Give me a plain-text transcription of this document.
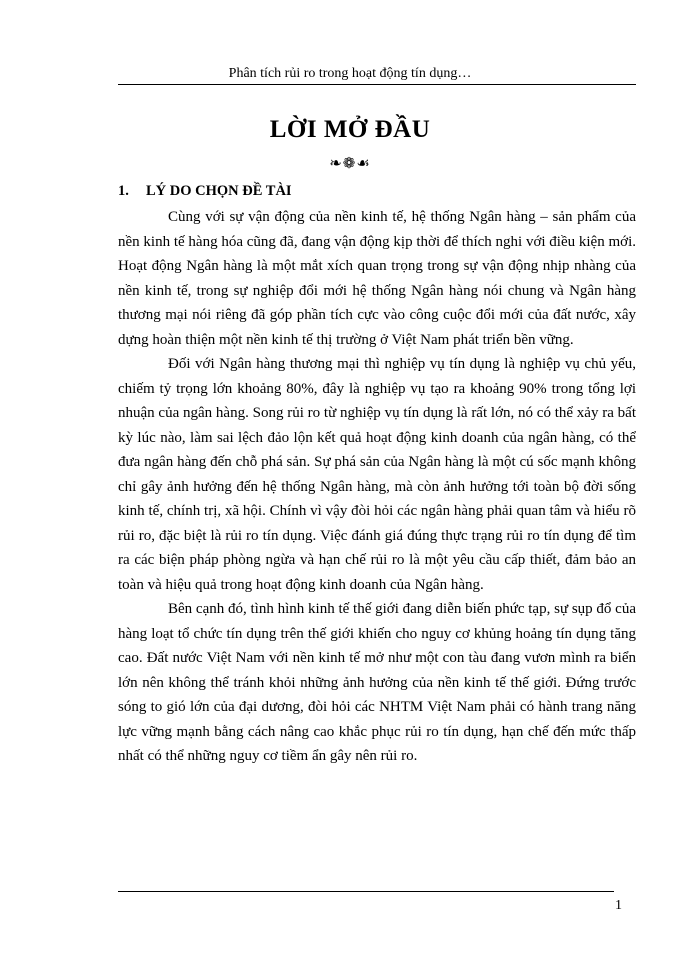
Phân tích rủi ro trong hoạt động tín dụng…
LỜI MỞ ĐẦU
❧❁☙
1. LÝ DO CHỌN ĐỀ TÀI

Cùng với sự vận động của nền kinh tế, hệ thống Ngân hàng – sản phẩm của nền kinh tế hàng hóa cũng đã, đang vận động kịp thời để thích nghi với điều kiện mới. Hoạt động Ngân hàng là một mắt xích quan trọng trong sự vận động nhịp nhàng của nền kinh tế, trong sự nghiệp đổi mới hệ thống Ngân hàng nói chung và Ngân hàng thương mại nói riêng đã góp phần tích cực vào công cuộc đổi mới của đất nước, xây dựng hoàn thiện một nền kinh tế thị trường ở Việt Nam phát triển bền vững.

Đối với Ngân hàng thương mại thì nghiệp vụ tín dụng là nghiệp vụ chủ yếu, chiếm tỷ trọng lớn khoảng 80%, đây là nghiệp vụ tạo ra khoảng 90% trong tổng lợi nhuận của ngân hàng. Song rủi ro từ nghiệp vụ tín dụng là rất lớn, nó có thể xảy ra bất kỳ lúc nào, làm sai lệch đảo lộn kết quả hoạt động kinh doanh của ngân hàng, có thể đưa ngân hàng đến chỗ phá sản. Sự phá sản của Ngân hàng là một cú sốc mạnh không chỉ gây ảnh hưởng đến hệ thống Ngân hàng, mà còn ảnh hưởng tới toàn bộ đời sống kinh tế, chính trị, xã hội. Chính vì vậy đòi hỏi các ngân hàng phải quan tâm và hiểu rõ rủi ro, đặc biệt là rủi ro tín dụng. Việc đánh giá đúng thực trạng rủi ro tín dụng để tìm ra các biện pháp phòng ngừa và hạn chế rủi ro là một yêu cầu cấp thiết, đảm bảo an toàn và hiệu quả trong hoạt động kinh doanh của Ngân hàng.

Bên cạnh đó, tình hình kinh tế thế giới đang diễn biến phức tạp, sự sụp đổ của hàng loạt tổ chức tín dụng trên thế giới khiến cho nguy cơ khủng hoảng tín dụng tăng cao. Đất nước Việt Nam với nền kinh tế mở như một con tàu đang vươn mình ra biển lớn nên không thể tránh khỏi những ảnh hưởng của nền kinh tế thế giới. Đứng trước sóng to gió lớn của đại dương, đòi hỏi các NHTM Việt Nam phải có hành trang năng lực vững mạnh bằng cách nâng cao khắc phục rủi ro tín dụng, hạn chế đến mức thấp nhất có thể những nguy cơ tiềm ẩn gây nên rủi ro.

1
